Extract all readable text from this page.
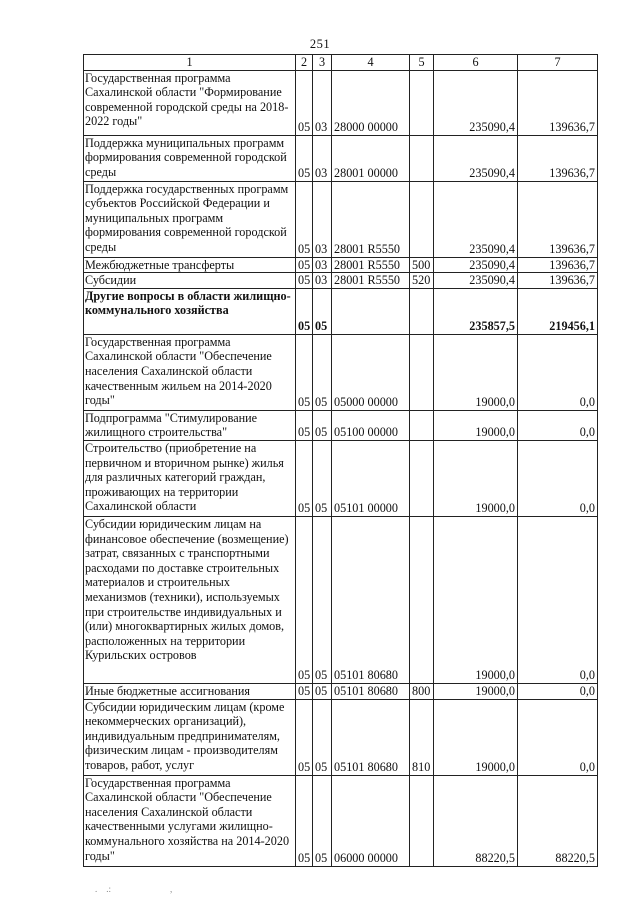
251
1	2	3	4	5	6	7
Государственная программа Сахалинской области "Формирование современной городской среды на 2018-2022 годы"	05	03	28000 00000		235090,4	139636,7
Поддержка муниципальных программ формирования современной городской среды	05	03	28001 00000		235090,4	139636,7
Поддержка государственных программ субъектов Российской Федерации и муниципальных программ формирования современной городской среды	05	03	28001 R5550		235090,4	139636,7
Межбюджетные трансферты	05	03	28001 R5550	500	235090,4	139636,7
Субсидии	05	03	28001 R5550	520	235090,4	139636,7
Другие вопросы в области жилищно-коммунального хозяйства	05	05			235857,5	219456,1
Государственная программа Сахалинской области "Обеспечение населения Сахалинской области качественным жильем на 2014-2020 годы"	05	05	05000 00000		19000,0	0,0
Подпрограмма "Стимулирование жилищного строительства"	05	05	05100 00000		19000,0	0,0
Строительство (приобретение на первичном и вторичном рынке) жилья для различных категорий граждан, проживающих на территории Сахалинской области	05	05	05101 00000		19000,0	0,0
Субсидии юридическим лицам на финансовое обеспечение (возмещение) затрат, связанных с транспортными расходами по доставке строительных материалов и строительных механизмов (техники), используемых при строительстве индивидуальных и (или) многоквартирных жилых домов, расположенных на территории Курильских островов	05	05	05101 80680		19000,0	0,0
Иные бюджетные ассигнования	05	05	05101 80680	800	19000,0	0,0
Субсидии юридическим лицам (кроме некоммерческих организаций), индивидуальным предпринимателям, физическим лицам - производителям товаров, работ, услуг	05	05	05101 80680	810	19000,0	0,0
Государственная программа Сахалинской области "Обеспечение населения Сахалинской области качественными услугами жилищно-коммунального хозяйства на 2014-2020 годы"	05	05	06000 00000		88220,5	88220,5
.    .:	,
